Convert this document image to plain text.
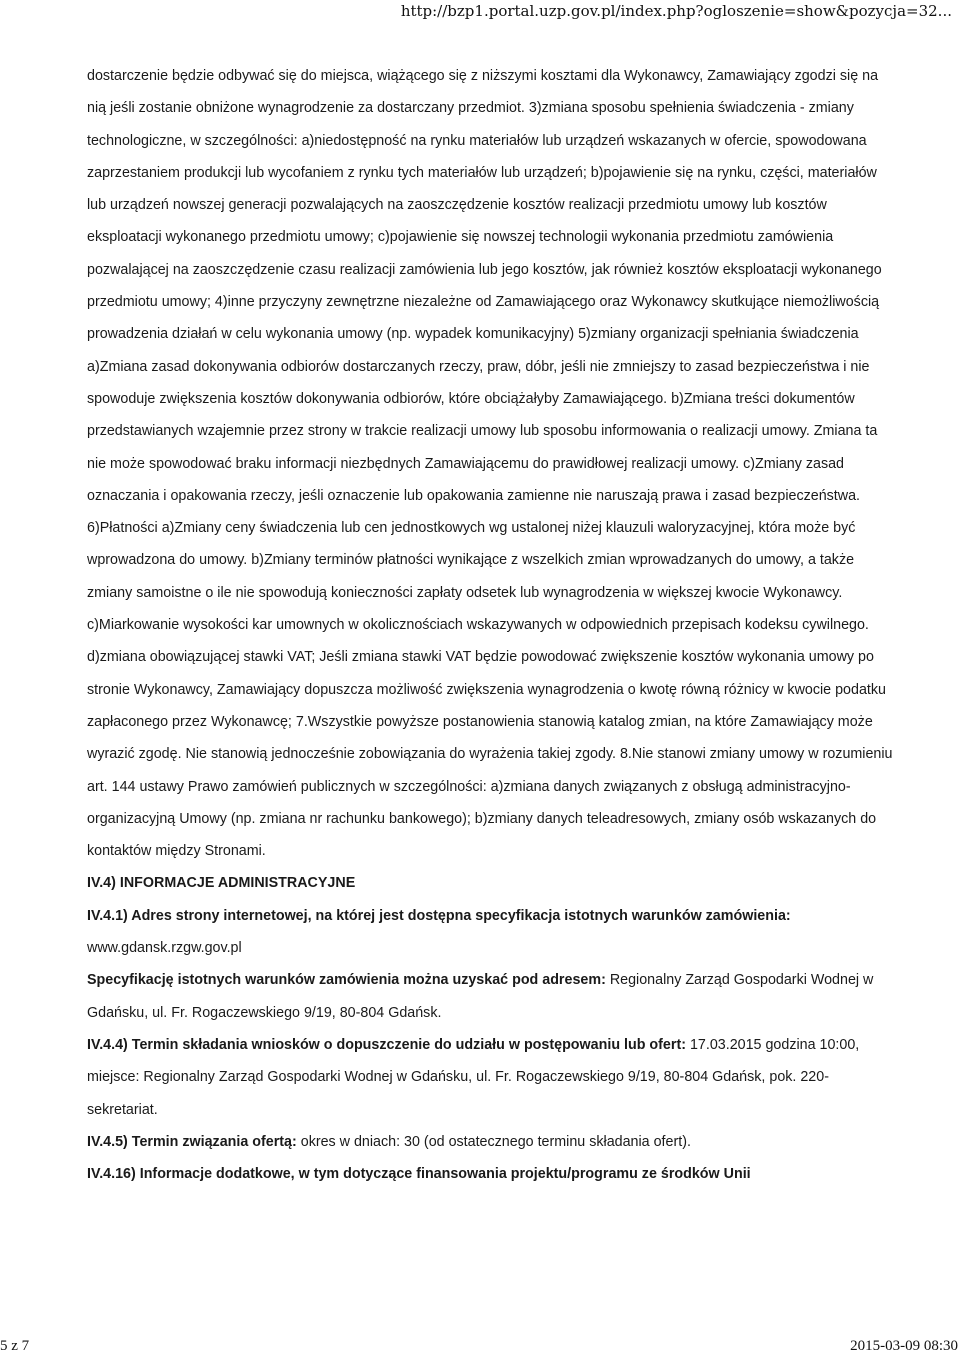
http://bzp1.portal.uzp.gov.pl/index.php?ogloszenie=show&pozycja=32...

dostarczenie będzie odbywać się do miejsca, wiążącego się z niższymi kosztami dla Wykonawcy, Zamawiający zgodzi się na nią jeśli zostanie obniżone wynagrodzenie za dostarczany przedmiot. 3)zmiana sposobu spełnienia świadczenia - zmiany technologiczne, w szczególności: a)niedostępność na rynku materiałów lub urządzeń wskazanych w ofercie, spowodowana zaprzestaniem produkcji lub wycofaniem z rynku tych materiałów lub urządzeń; b)pojawienie się na rynku, części, materiałów lub urządzeń nowszej generacji pozwalających na zaoszczędzenie kosztów realizacji przedmiotu umowy lub kosztów eksploatacji wykonanego przedmiotu umowy; c)pojawienie się nowszej technologii wykonania przedmiotu zamówienia pozwalającej na zaoszczędzenie czasu realizacji zamówienia lub jego kosztów, jak również kosztów eksploatacji wykonanego przedmiotu umowy; 4)inne przyczyny zewnętrzne niezależne od Zamawiającego oraz Wykonawcy skutkujące niemożliwością prowadzenia działań w celu wykonania umowy (np. wypadek komunikacyjny) 5)zmiany organizacji spełniania świadczenia a)Zmiana zasad dokonywania odbiorów dostarczanych rzeczy, praw, dóbr, jeśli nie zmniejszy to zasad bezpieczeństwa i nie spowoduje zwiększenia kosztów dokonywania odbiorów, które obciążałyby Zamawiającego. b)Zmiana treści dokumentów przedstawianych wzajemnie przez strony w trakcie realizacji umowy lub sposobu informowania o realizacji umowy. Zmiana ta nie może spowodować braku informacji niezbędnych Zamawiającemu do prawidłowej realizacji umowy. c)Zmiany zasad oznaczania i opakowania rzeczy, jeśli oznaczenie lub opakowania zamienne nie naruszają prawa i zasad bezpieczeństwa. 6)Płatności a)Zmiany ceny świadczenia lub cen jednostkowych wg ustalonej niżej klauzuli waloryzacyjnej, która może być wprowadzona do umowy. b)Zmiany terminów płatności wynikające z wszelkich zmian wprowadzanych do umowy, a także zmiany samoistne o ile nie spowodują konieczności zapłaty odsetek lub wynagrodzenia w większej kwocie Wykonawcy. c)Miarkowanie wysokości kar umownych w okolicznościach wskazywanych w odpowiednich przepisach kodeksu cywilnego. d)zmiana obowiązującej stawki VAT; Jeśli zmiana stawki VAT będzie powodować zwiększenie kosztów wykonania umowy po stronie Wykonawcy, Zamawiający dopuszcza możliwość zwiększenia wynagrodzenia o kwotę równą różnicy w kwocie podatku zapłaconego przez Wykonawcę; 7.Wszystkie powyższe postanowienia stanowią katalog zmian, na które Zamawiający może wyrazić zgodę. Nie stanowią jednocześnie zobowiązania do wyrażenia takiej zgody. 8.Nie stanowi zmiany umowy w rozumieniu art. 144 ustawy Prawo zamówień publicznych w szczególności: a)zmiana danych związanych z obsługą administracyjno-organizacyjną Umowy (np. zmiana nr rachunku bankowego); b)zmiany danych teleadresowych, zmiany osób wskazanych do kontaktów między Stronami.

IV.4) INFORMACJE ADMINISTRACYJNE

IV.4.1) Adres strony internetowej, na której jest dostępna specyfikacja istotnych warunków zamówienia: www.gdansk.rzgw.gov.pl

Specyfikację istotnych warunków zamówienia można uzyskać pod adresem: Regionalny Zarząd Gospodarki Wodnej w Gdańsku, ul. Fr. Rogaczewskiego 9/19, 80-804 Gdańsk.

IV.4.4) Termin składania wniosków o dopuszczenie do udziału w postępowaniu lub ofert: 17.03.2015 godzina 10:00, miejsce: Regionalny Zarząd Gospodarki Wodnej w Gdańsku, ul. Fr. Rogaczewskiego 9/19, 80-804 Gdańsk, pok. 220- sekretariat.

IV.4.5) Termin związania ofertą: okres w dniach: 30 (od ostatecznego terminu składania ofert).

IV.4.16) Informacje dodatkowe, w tym dotyczące finansowania projektu/programu ze środków Unii

5 z 7	2015-03-09 08:30
